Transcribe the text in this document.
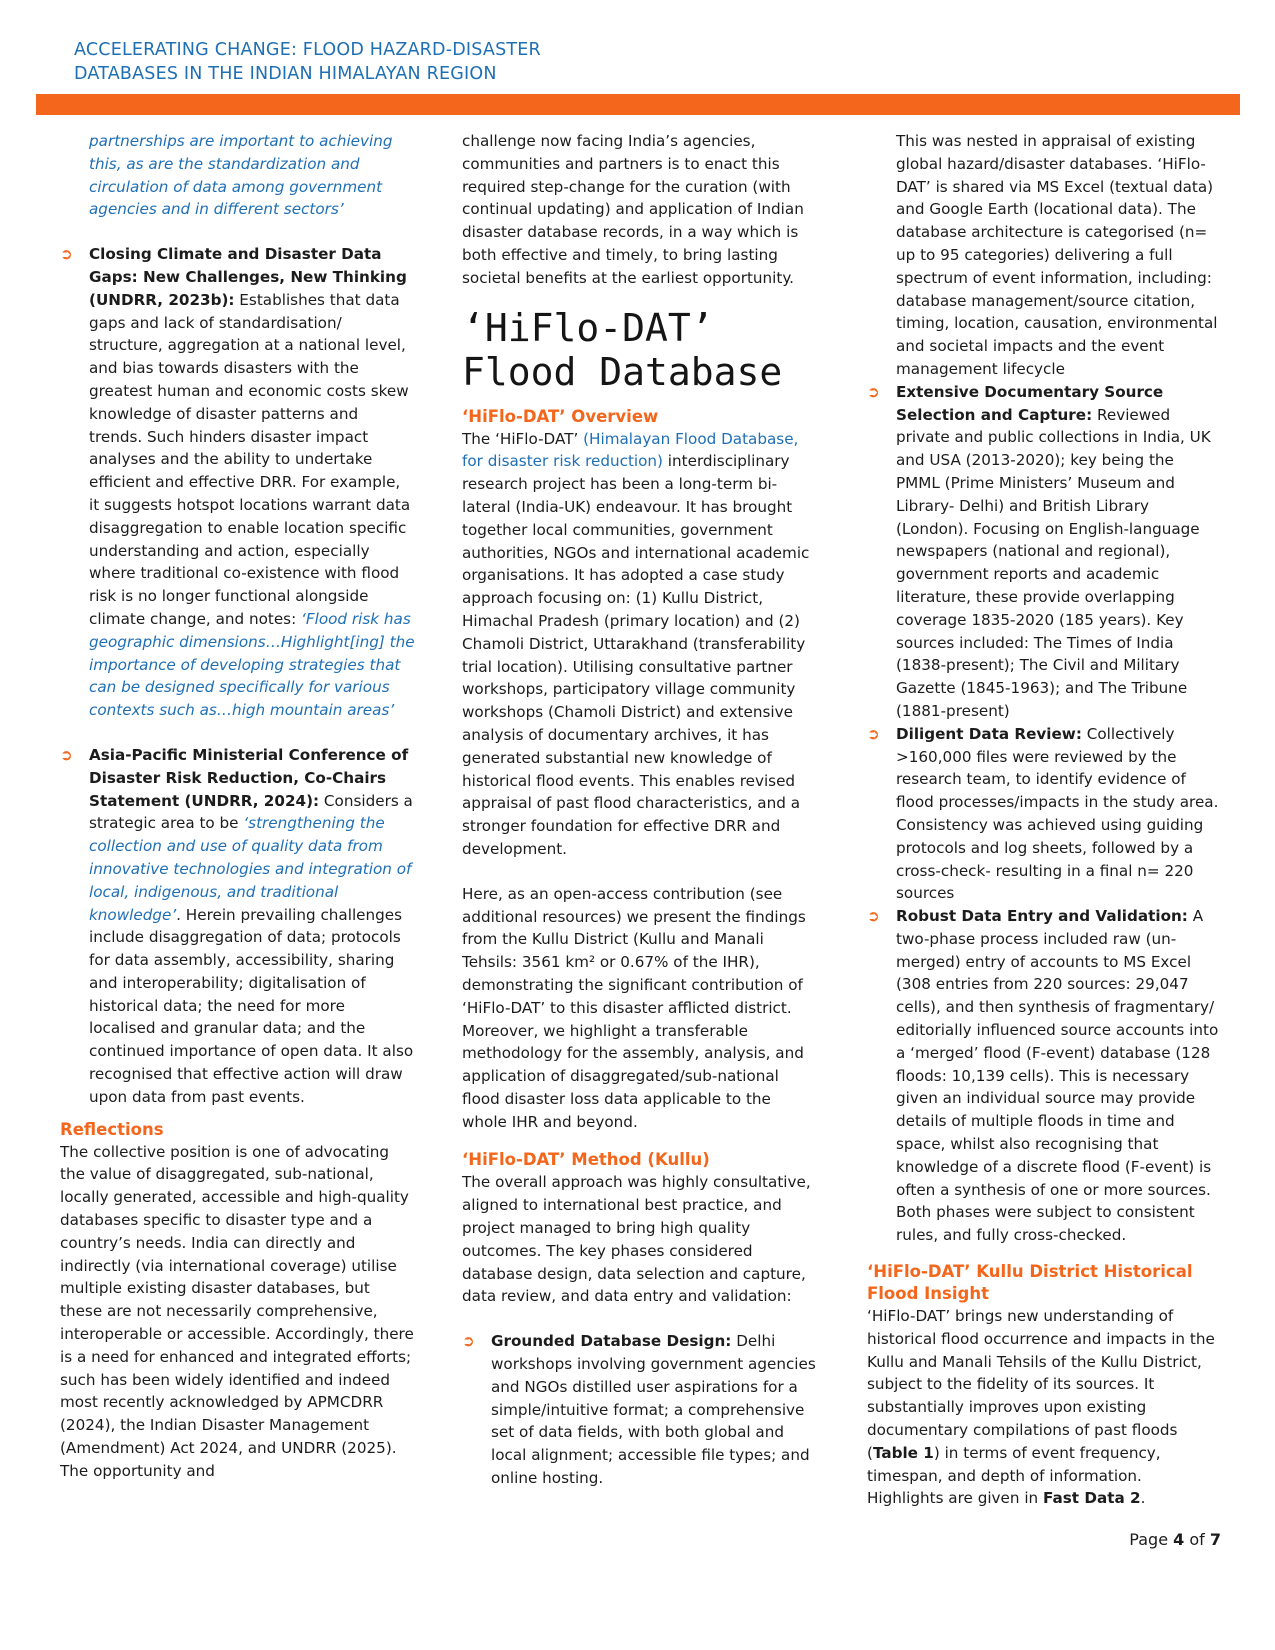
ACCELERATING CHANGE: FLOOD HAZARD-DISASTER
DATABASES IN THE INDIAN HIMALAYAN REGION

partnerships are important to achieving this, as are the standardization and circulation of data among government agencies and in different sectors’

➲ Closing Climate and Disaster Data Gaps: New Challenges, New Thinking (UNDRR, 2023b): Establishes that data gaps and lack of standardisation/ structure, aggregation at a national level, and bias towards disasters with the greatest human and economic costs skew knowledge of disaster patterns and trends. Such hinders disaster impact analyses and the ability to undertake efficient and effective DRR. For example, it suggests hotspot locations warrant data disaggregation to enable location specific understanding and action, especially where traditional co-existence with flood risk is no longer functional alongside climate change, and notes: ‘Flood risk has geographic dimensions…Highlight[ing] the importance of developing strategies that can be designed specifically for various contexts such as…high mountain areas’

➲ Asia-Pacific Ministerial Conference of Disaster Risk Reduction, Co-Chairs Statement (UNDRR, 2024): Considers a strategic area to be ‘strengthening the collection and use of quality data from innovative technologies and integration of local, indigenous, and traditional knowledge’. Herein prevailing challenges include disaggregation of data; protocols for data assembly, accessibility, sharing and interoperability; digitalisation of historical data; the need for more localised and granular data; and the continued importance of open data. It also recognised that effective action will draw upon data from past events.

Reflections

The collective position is one of advocating the value of disaggregated, sub-national, locally generated, accessible and high-quality databases specific to disaster type and a country’s needs. India can directly and indirectly (via international coverage) utilise multiple existing disaster databases, but these are not necessarily comprehensive, interoperable or accessible. Accordingly, there is a need for enhanced and integrated efforts; such has been widely identified and indeed most recently acknowledged by APMCDRR (2024), the Indian Disaster Management (Amendment) Act 2024, and UNDRR (2025). The opportunity and

challenge now facing India’s agencies, communities and partners is to enact this required step-change for the curation (with continual updating) and application of Indian disaster database records, in a way which is both effective and timely, to bring lasting societal benefits at the earliest opportunity.

‘HiFlo-DAT’
Flood Database

‘HiFlo-DAT’ Overview

The ‘HiFlo-DAT’ (Himalayan Flood Database, for disaster risk reduction) interdisciplinary research project has been a long-term bi-lateral (India-UK) endeavour. It has brought together local communities, government authorities, NGOs and international academic organisations. It has adopted a case study approach focusing on: (1) Kullu District, Himachal Pradesh (primary location) and (2) Chamoli District, Uttarakhand (transferability trial location). Utilising consultative partner workshops, participatory village community workshops (Chamoli District) and extensive analysis of documentary archives, it has generated substantial new knowledge of historical flood events. This enables revised appraisal of past flood characteristics, and a stronger foundation for effective DRR and development.

Here, as an open-access contribution (see additional resources) we present the findings from the Kullu District (Kullu and Manali Tehsils: 3561 km² or 0.67% of the IHR), demonstrating the significant contribution of ‘HiFlo-DAT’ to this disaster afflicted district. Moreover, we highlight a transferable methodology for the assembly, analysis, and application of disaggregated/sub-national flood disaster loss data applicable to the whole IHR and beyond.

‘HiFlo-DAT’ Method (Kullu)

The overall approach was highly consultative, aligned to international best practice, and project managed to bring high quality outcomes. The key phases considered database design, data selection and capture, data review, and data entry and validation:

➲ Grounded Database Design: Delhi workshops involving government agencies and NGOs distilled user aspirations for a simple/intuitive format; a comprehensive set of data fields, with both global and local alignment; accessible file types; and online hosting.

This was nested in appraisal of existing global hazard/disaster databases. ‘HiFlo-DAT’ is shared via MS Excel (textual data) and Google Earth (locational data). The database architecture is categorised (n= up to 95 categories) delivering a full spectrum of event information, including: database management/source citation, timing, location, causation, environmental and societal impacts and the event management lifecycle

➲ Extensive Documentary Source Selection and Capture: Reviewed private and public collections in India, UK and USA (2013-2020); key being the PMML (Prime Ministers’ Museum and Library- Delhi) and British Library (London). Focusing on English-language newspapers (national and regional), government reports and academic literature, these provide overlapping coverage 1835-2020 (185 years). Key sources included: The Times of India (1838-present); The Civil and Military Gazette (1845-1963); and The Tribune (1881-present)

➲ Diligent Data Review: Collectively >160,000 files were reviewed by the research team, to identify evidence of flood processes/impacts in the study area. Consistency was achieved using guiding protocols and log sheets, followed by a cross-check- resulting in a final n= 220 sources

➲ Robust Data Entry and Validation: A two-phase process included raw (un-merged) entry of accounts to MS Excel (308 entries from 220 sources: 29,047 cells), and then synthesis of fragmentary/ editorially influenced source accounts into a ‘merged’ flood (F-event) database (128 floods: 10,139 cells). This is necessary given an individual source may provide details of multiple floods in time and space, whilst also recognising that knowledge of a discrete flood (F-event) is often a synthesis of one or more sources. Both phases were subject to consistent rules, and fully cross-checked.

‘HiFlo-DAT’ Kullu District Historical Flood Insight

‘HiFlo-DAT’ brings new understanding of historical flood occurrence and impacts in the Kullu and Manali Tehsils of the Kullu District, subject to the fidelity of its sources. It substantially improves upon existing documentary compilations of past floods (Table 1) in terms of event frequency, timespan, and depth of information. Highlights are given in Fast Data 2.

Page 4 of 7
